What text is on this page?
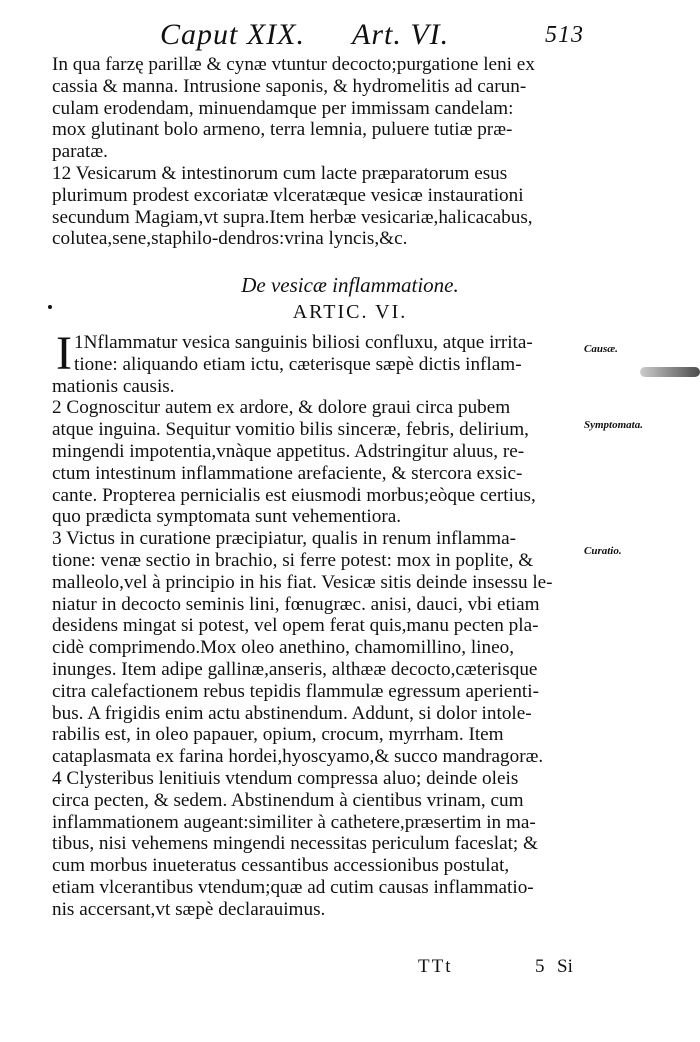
Caput XIX. Art. VI.	513
In qua farzę parillæ & cynæ vtuntur decocto;purgatione leni ex
cassia & manna. Intrusione saponis, & hydromelitis ad carun-
culam erodendam, minuendamque per immissam candelam:
mox glutinant bolo armeno, terra lemnia, puluere tutiæ præ-
paratæ.
12 Vesicarum & intestinorum cum lacte præparatorum esus
plurimum prodest excoriatæ vlceratæque vesicæ instaurationi
secundum Magiam,vt supra.Item herbæ vesicariæ,halicacabus,
colutea,sene,staphilo-dendros:vrina lyncis,&c.
De vesicæ inflammatione.
ARTIC. VI.
1
I Nflammatur vesica sanguinis biliosi confluxu, atque irrita-
tione: aliquando etiam ictu, cæterisque sæpè dictis inflam-
mationis causis.
2 Cognoscitur autem ex ardore, & dolore graui circa pubem
atque inguina. Sequitur vomitio bilis sinceræ, febris, delirium,
mingendi impotentia,vnàque appetitus. Adstringitur aluus, re-
ctum intestinum inflammatione arefaciente, & stercora exsic-
cante. Propterea pernicialis est eiusmodi morbus;eòque certius,
quo prædicta symptomata sunt vehementiora.
3 Victus in curatione præcipiatur, qualis in renum inflamma-
tione: venæ sectio in brachio, si ferre potest: mox in poplite, &
malleolo,vel à principio in his fiat. Vesicæ sitis deinde insessu le-
niatur in decocto seminis lini, fœnugræc. anisi, dauci, vbi etiam
desidens mingat si potest, vel opem ferat quis,manu pecten pla-
cidè comprimendo.Mox oleo anethino, chamomillino, lineo,
inunges. Item adipe gallinæ,anseris, althææ decocto,cæterisque
citra calefactionem rebus tepidis flammulæ egressum aperienti-
bus. A frigidis enim actu abstinendum. Addunt, si dolor intole-
rabilis est, in oleo papauer, opium, crocum, myrrham. Item
cataplasmata ex farina hordei,hyoscyamo,& succo mandragoræ.
4 Clysteribus lenitiuis vtendum compressa aluo; deinde oleis
circa pecten, & sedem. Abstinendum à cientibus vrinam, cum
inflammationem augeant:similiter à cathetere,præsertim in ma-
tibus, nisi vehemens mingendi necessitas periculum faceslat; &
cum morbus inueteratus cessantibus accessionibus postulat,
etiam vlcerantibus vtendum;quæ ad cutim causas inflammatio-
nis accersant,vt sæpè declarauimus.
Causæ.
Symptomata.
Curatio.
TTt	5 Si
